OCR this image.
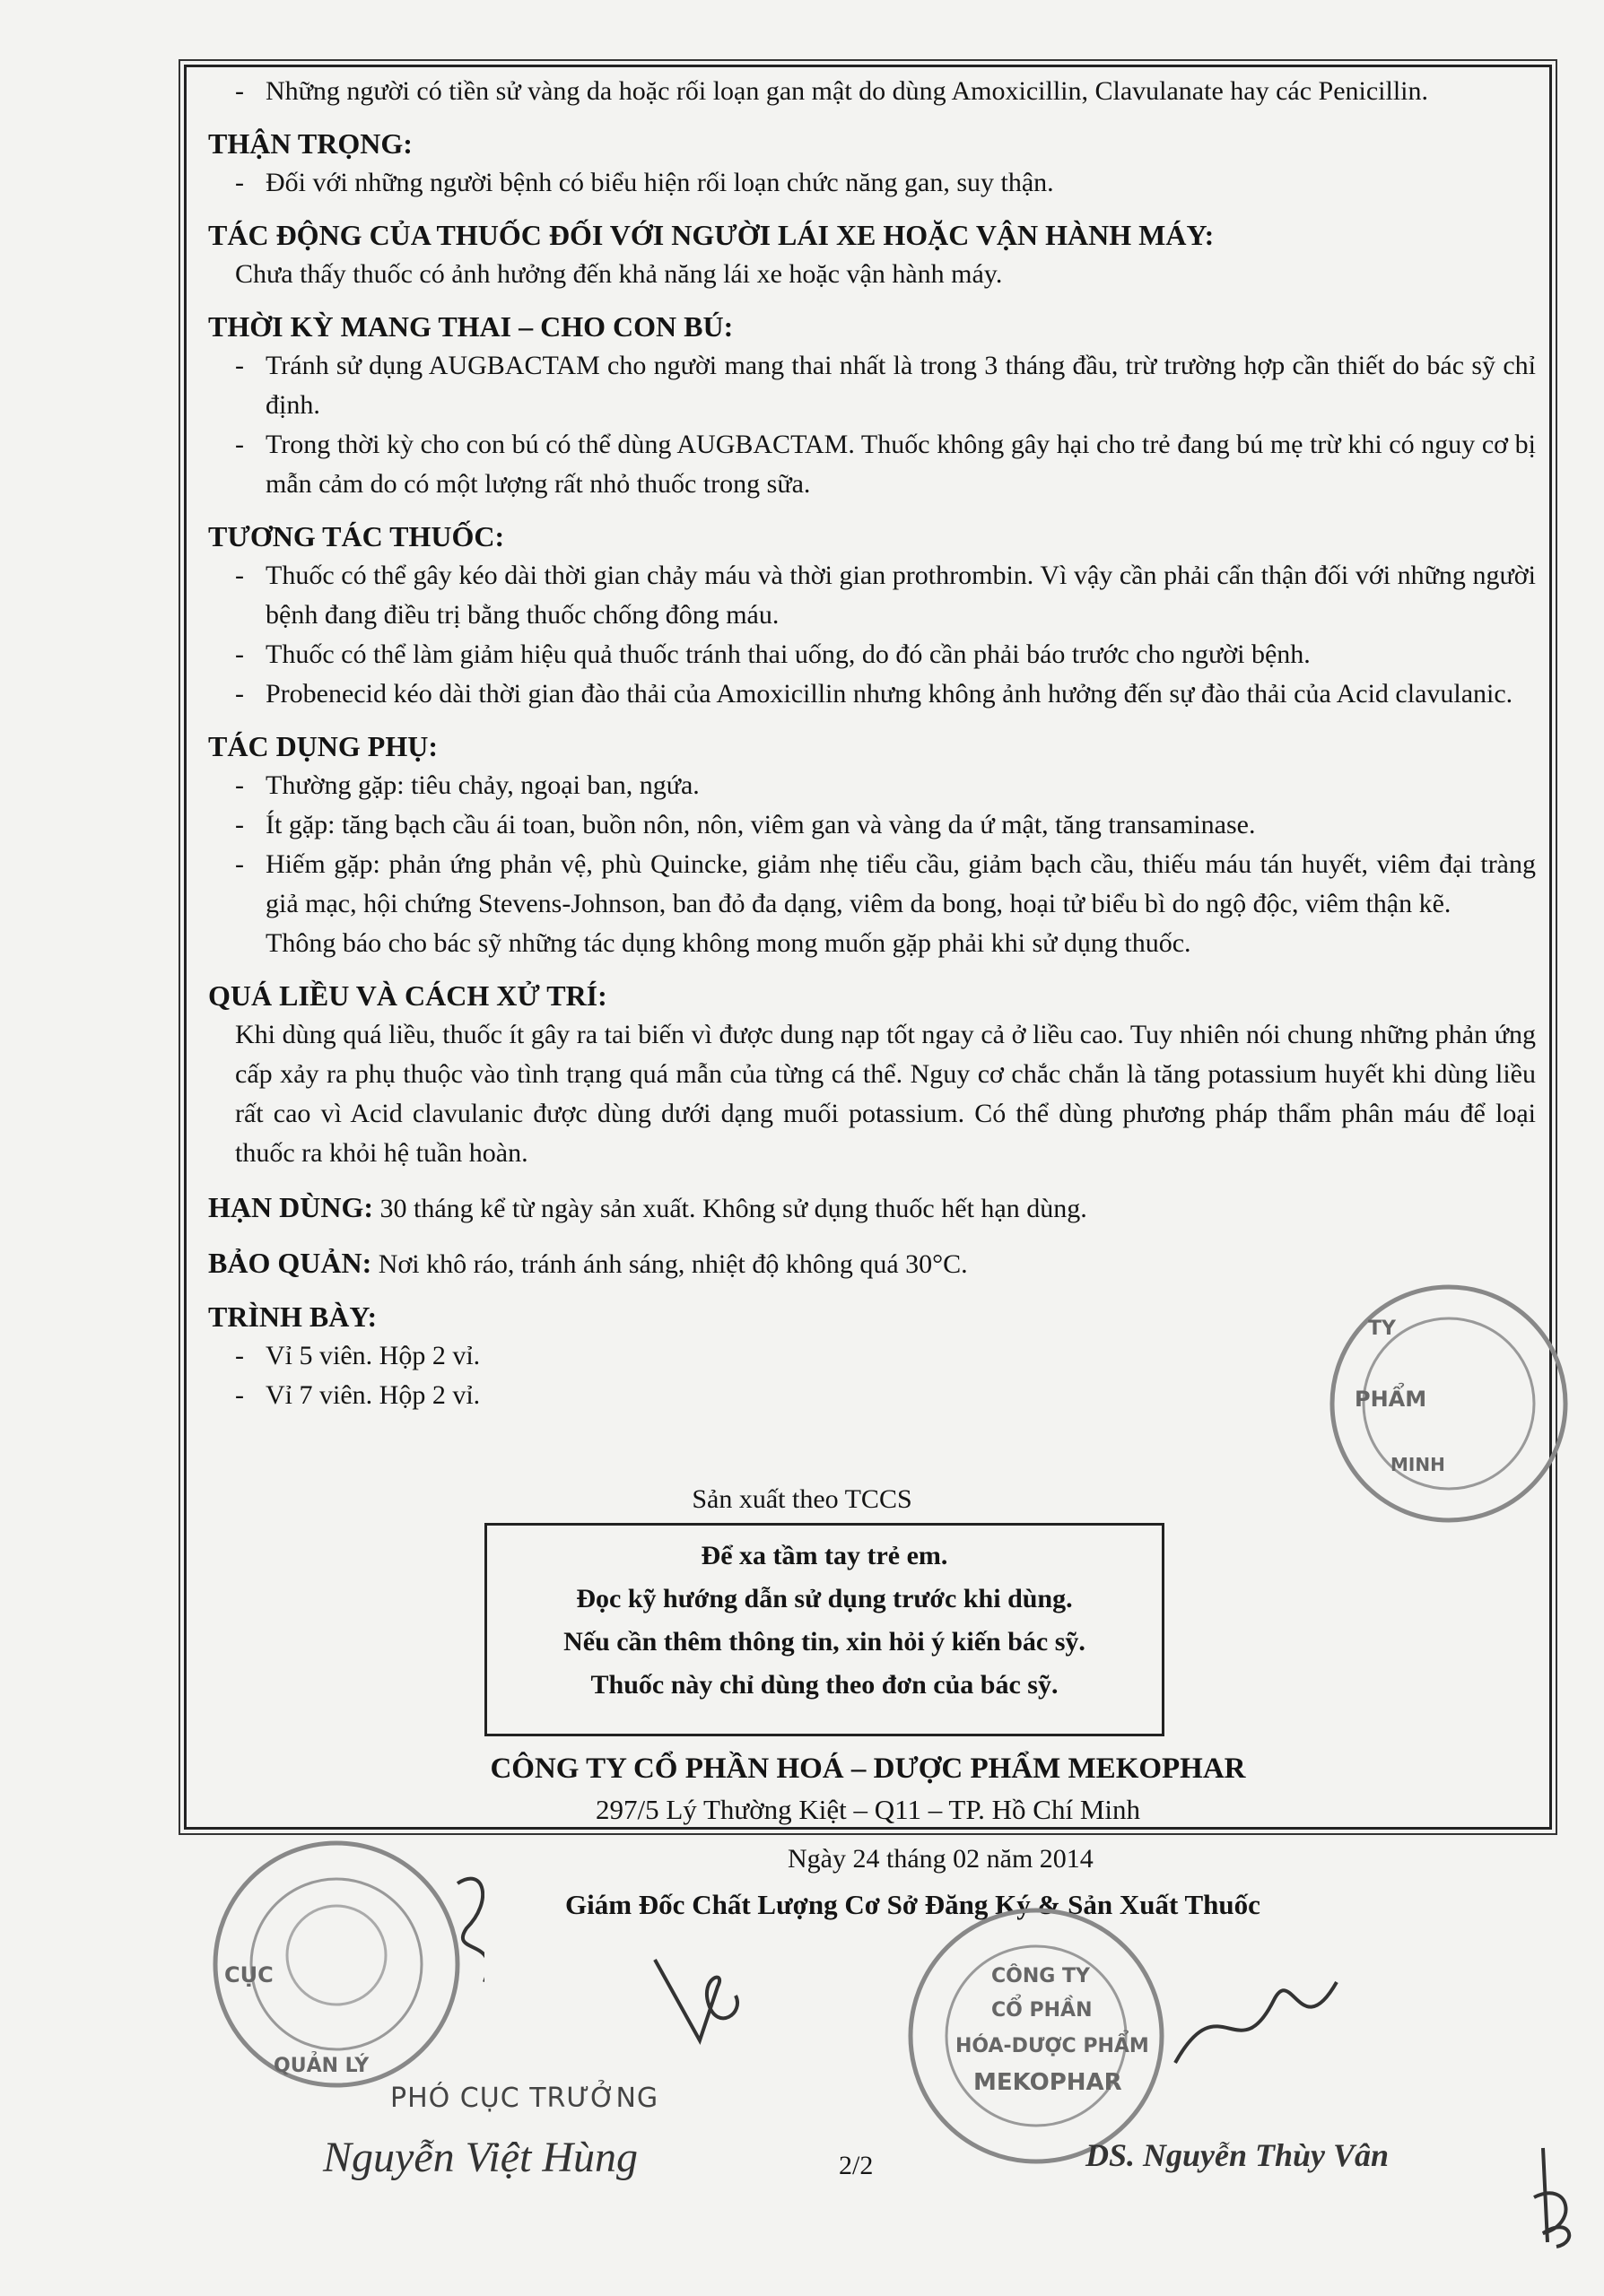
- Những người có tiền sử vàng da hoặc rối loạn gan mật do dùng Amoxicillin, Clavulanate hay các Penicillin.
THẬN TRỌNG:
- Đối với những người bệnh có biểu hiện rối loạn chức năng gan, suy thận.
TÁC ĐỘNG CỦA THUỐC ĐỐI VỚI NGƯỜI LÁI XE HOẶC VẬN HÀNH MÁY:
Chưa thấy thuốc có ảnh hưởng đến khả năng lái xe hoặc vận hành máy.
THỜI KỲ MANG THAI – CHO CON BÚ:
- Tránh sử dụng AUGBACTAM cho người mang thai nhất là trong 3 tháng đầu, trừ trường hợp cần thiết do bác sỹ chỉ định.
- Trong thời kỳ cho con bú có thể dùng AUGBACTAM. Thuốc không gây hại cho trẻ đang bú mẹ trừ khi có nguy cơ bị mẫn cảm do có một lượng rất nhỏ thuốc trong sữa.
TƯƠNG TÁC THUỐC:
- Thuốc có thể gây kéo dài thời gian chảy máu và thời gian prothrombin. Vì vậy cần phải cẩn thận đối với những người bệnh đang điều trị bằng thuốc chống đông máu.
- Thuốc có thể làm giảm hiệu quả thuốc tránh thai uống, do đó cần phải báo trước cho người bệnh.
- Probenecid kéo dài thời gian đào thải của Amoxicillin nhưng không ảnh hưởng đến sự đào thải của Acid clavulanic.
TÁC DỤNG PHỤ:
- Thường gặp: tiêu chảy, ngoại ban, ngứa.
- Ít gặp: tăng bạch cầu ái toan, buồn nôn, nôn, viêm gan và vàng da ứ mật, tăng transaminase.
- Hiếm gặp: phản ứng phản vệ, phù Quincke, giảm nhẹ tiểu cầu, giảm bạch cầu, thiếu máu tán huyết, viêm đại tràng giả mạc, hội chứng Stevens-Johnson, ban đỏ đa dạng, viêm da bong, hoại tử biểu bì do ngộ độc, viêm thận kẽ.
Thông báo cho bác sỹ những tác dụng không mong muốn gặp phải khi sử dụng thuốc.
QUÁ LIỀU VÀ CÁCH XỬ TRÍ:
Khi dùng quá liều, thuốc ít gây ra tai biến vì được dung nạp tốt ngay cả ở liều cao. Tuy nhiên nói chung những phản ứng cấp xảy ra phụ thuộc vào tình trạng quá mẫn của từng cá thể. Nguy cơ chắc chắn là tăng potassium huyết khi dùng liều rất cao vì Acid clavulanic được dùng dưới dạng muối potassium. Có thể dùng phương pháp thẩm phân máu để loại thuốc ra khỏi hệ tuần hoàn.
HẠN DÙNG: 30 tháng kể từ ngày sản xuất. Không sử dụng thuốc hết hạn dùng.
BẢO QUẢN: Nơi khô ráo, tránh ánh sáng, nhiệt độ không quá 30°C.
TRÌNH BÀY:
- Vỉ 5 viên. Hộp 2 vỉ.
- Vỉ 7 viên. Hộp 2 vỉ.
Sản xuất theo TCCS
Để xa tầm tay trẻ em.
Đọc kỹ hướng dẫn sử dụng trước khi dùng.
Nếu cần thêm thông tin, xin hỏi ý kiến bác sỹ.
Thuốc này chỉ dùng theo đơn của bác sỹ.
CÔNG TY CỔ PHẦN HOÁ – DƯỢC PHẨM MEKOPHAR
297/5 Lý Thường Kiệt – Q11 – TP. Hồ Chí Minh
Ngày 24 tháng 02 năm 2014
Giám Đốc Chất Lượng Cơ Sở Đăng Ký & Sản Xuất Thuốc
TY
PHẨM
MINH
CỤC
QUẢN LÝ
CÔNG TY
CỔ PHẦN
HÓA-DƯỢC PHẨM
MEKOPHAR
PHÓ CỤC TRƯỞNG
Nguyễn Việt Hùng	2/2	DS. Nguyễn Thùy Vân
